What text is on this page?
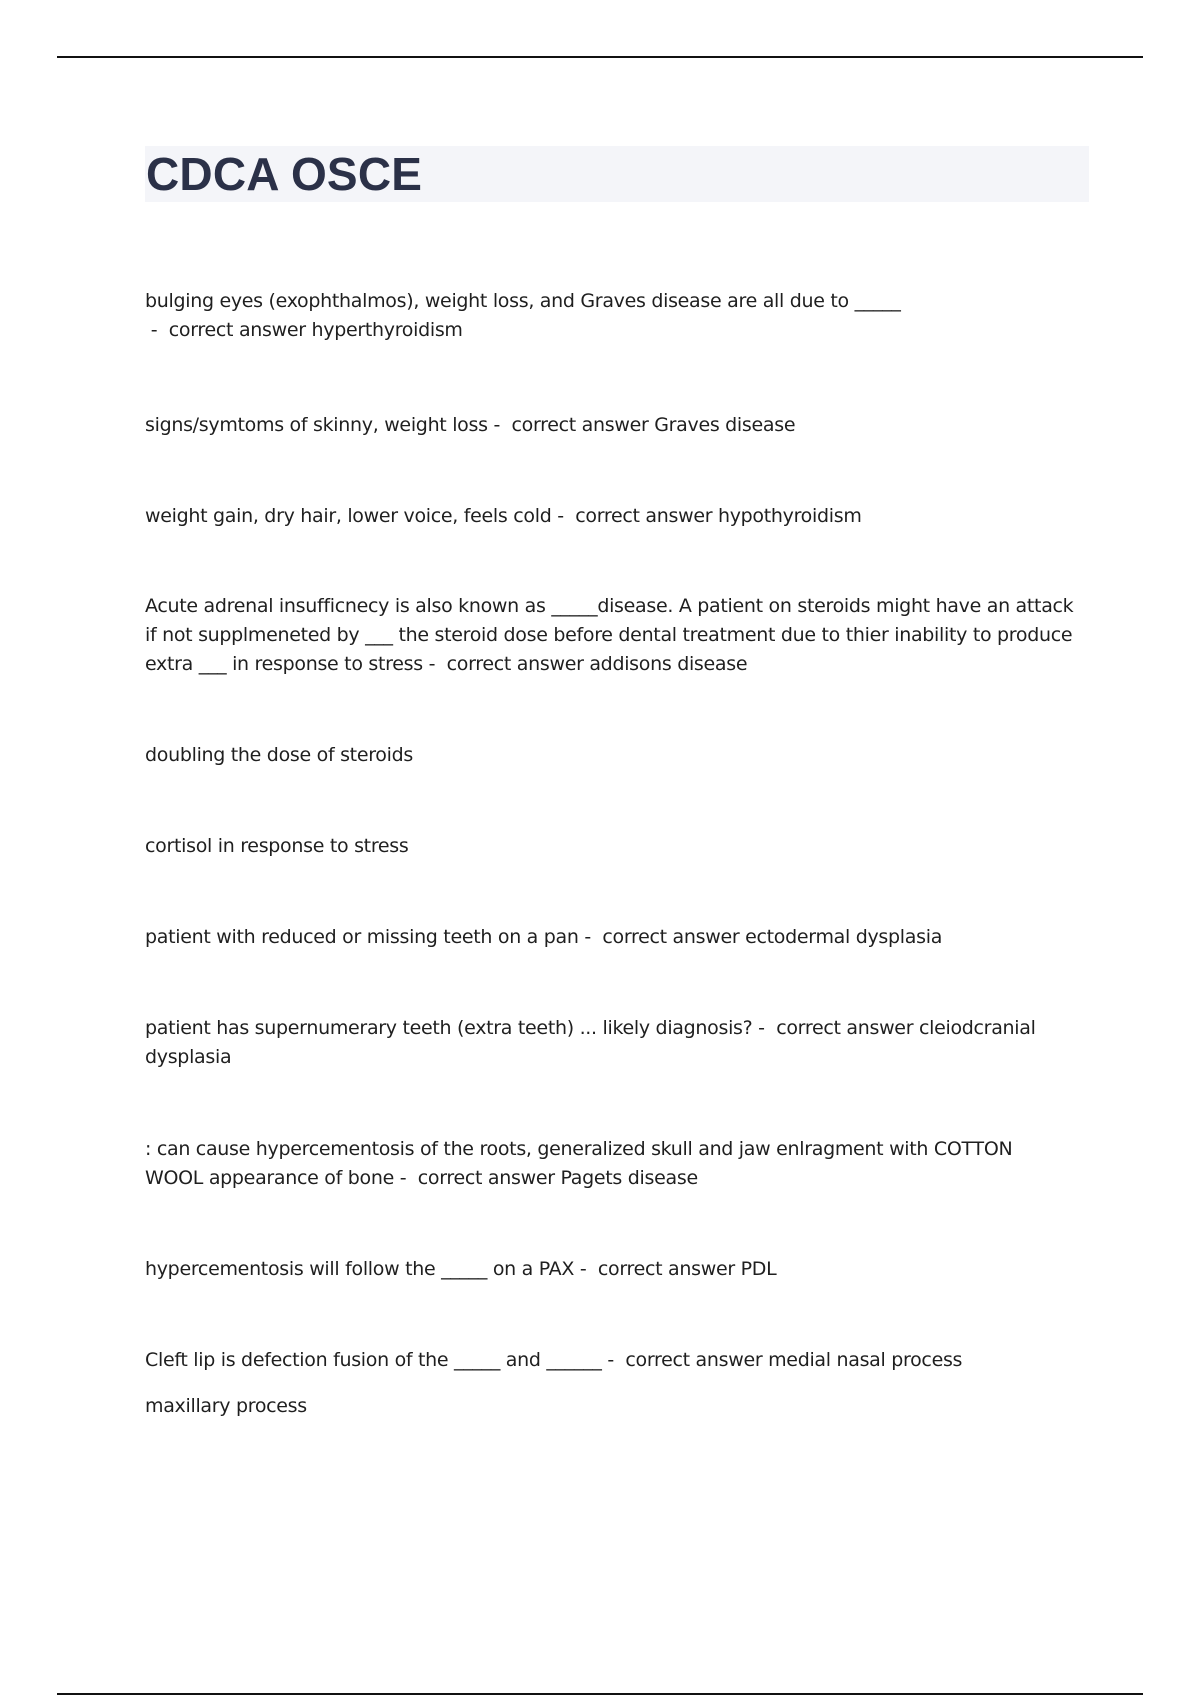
CDCA OSCE

bulging eyes (exophthalmos), weight loss, and Graves disease are all due to _____ -  correct answer hyperthyroidism

signs/symtoms of skinny, weight loss -  correct answer Graves disease

weight gain, dry hair, lower voice, feels cold -  correct answer hypothyroidism

Acute adrenal insufficnecy is also known as _____disease. A patient on steroids might have an attack if not supplmeneted by ___ the steroid dose before dental treatment due to thier inability to produce extra ___ in response to stress -  correct answer addisons disease

doubling the dose of steroids

cortisol in response to stress

patient with reduced or missing teeth on a pan -  correct answer ectodermal dysplasia

patient has supernumerary teeth (extra teeth) ... likely diagnosis? -  correct answer cleiodcranial dysplasia

: can cause hypercementosis of the roots, generalized skull and jaw enlragment with COTTON WOOL appearance of bone -  correct answer Pagets disease

hypercementosis will follow the _____ on a PAX -  correct answer PDL

Cleft lip is defection fusion of the _____ and ______ -  correct answer medial nasal process

maxillary process
